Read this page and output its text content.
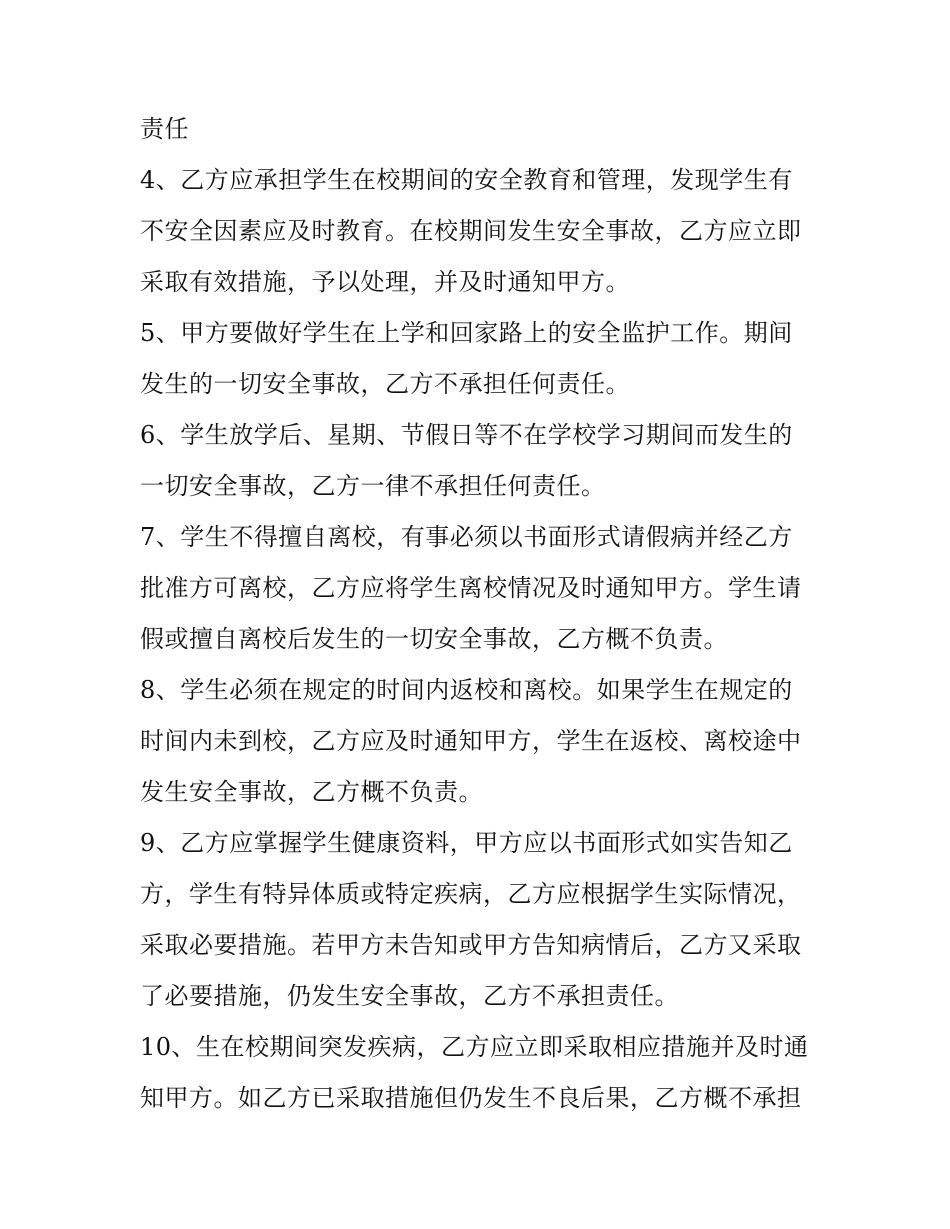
责任
4、乙方应承担学生在校期间的安全教育和管理，发现学生有
不安全因素应及时教育。在校期间发生安全事故，乙方应立即
采取有效措施，予以处理，并及时通知甲方。
5、甲方要做好学生在上学和回家路上的安全监护工作。期间
发生的一切安全事故，乙方不承担任何责任。
6、学生放学后、星期、节假日等不在学校学习期间而发生的
一切安全事故，乙方一律不承担任何责任。
7、学生不得擅自离校，有事必须以书面形式请假病并经乙方
批准方可离校，乙方应将学生离校情况及时通知甲方。学生请
假或擅自离校后发生的一切安全事故，乙方概不负责。
8、学生必须在规定的时间内返校和离校。如果学生在规定的
时间内未到校，乙方应及时通知甲方，学生在返校、离校途中
发生安全事故，乙方概不负责。
9、乙方应掌握学生健康资料，甲方应以书面形式如实告知乙
方，学生有特异体质或特定疾病，乙方应根据学生实际情况，
采取必要措施。若甲方未告知或甲方告知病情后，乙方又采取
了必要措施，仍发生安全事故，乙方不承担责任。
10、生在校期间突发疾病，乙方应立即采取相应措施并及时通
知甲方。如乙方已采取措施但仍发生不良后果，乙方概不承担
